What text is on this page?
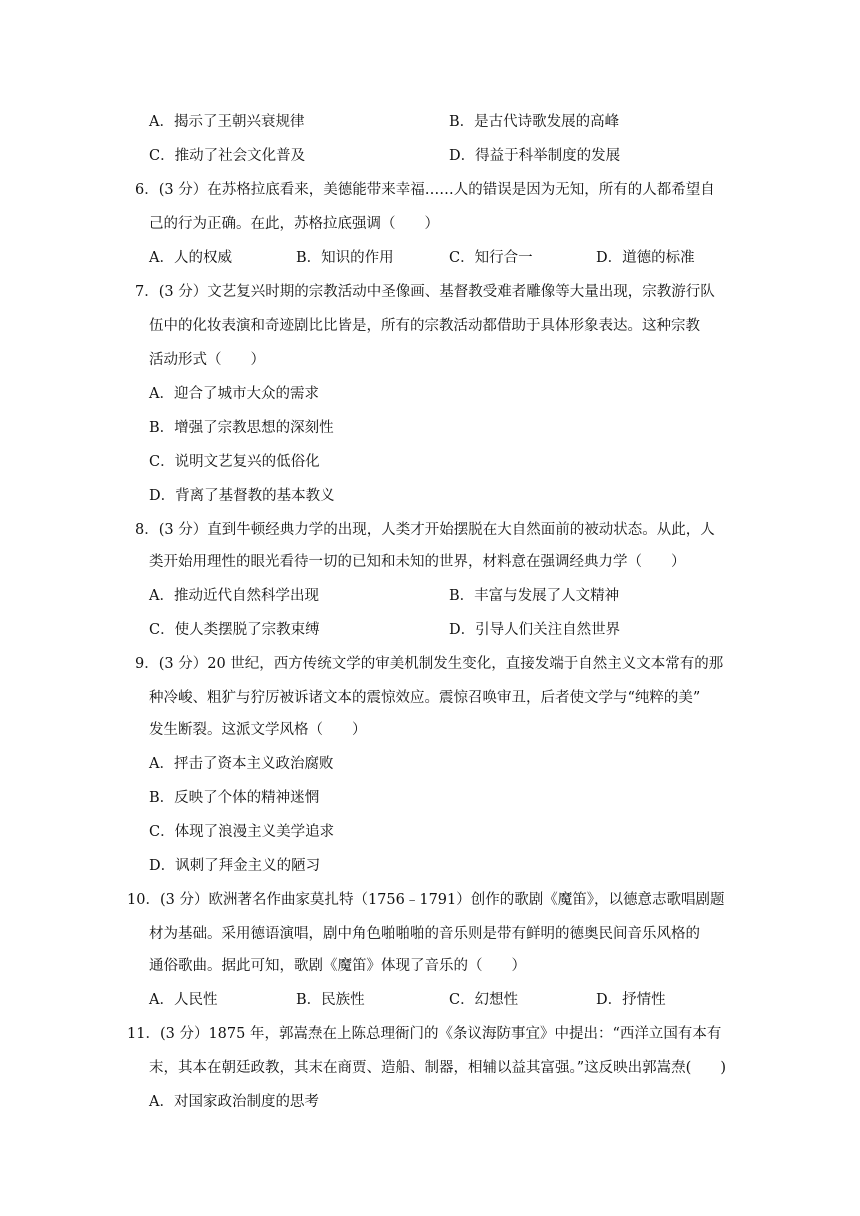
A．揭示了王朝兴衰规律	B．是古代诗歌发展的高峰
C．推动了社会文化普及	D．得益于科举制度的发展
6．(3 分）在苏格拉底看来，美德能带来幸福……人的错误是因为无知，所有的人都希望自
己的行为正确。在此，苏格拉底强调（　　）
A．人的权威	B．知识的作用	C．知行合一	D．道德的标准
7．(3 分）文艺复兴时期的宗教活动中圣像画、基督教受难者雕像等大量出现，宗教游行队
伍中的化妆表演和奇迹剧比比皆是，所有的宗教活动都借助于具体形象表达。这种宗教
活动形式（　　）
A．迎合了城市大众的需求
B．增强了宗教思想的深刻性
C．说明文艺复兴的低俗化
D．背离了基督教的基本教义
8．(3 分）直到牛顿经典力学的出现，人类才开始摆脱在大自然面前的被动状态。从此，人
类开始用理性的眼光看待一切的已知和未知的世界，材料意在强调经典力学（　　）
A．推动近代自然科学出现	B．丰富与发展了人文精神
C．使人类摆脱了宗教束缚	D．引导人们关注自然世界
9．(3 分）20 世纪，西方传统文学的审美机制发生变化，直接发端于自然主义文本常有的那
种冷峻、粗犷与狞厉被诉诸文本的震惊效应。震惊召唤审丑，后者使文学与“纯粹的美”
发生断裂。这派文学风格（　　）
A．抨击了资本主义政治腐败
B．反映了个体的精神迷惘
C．体现了浪漫主义美学追求
D．讽刺了拜金主义的陋习
10．(3 分）欧洲著名作曲家莫扎特（1756﹣1791）创作的歌剧《魔笛》，以德意志歌唱剧题
材为基础。采用德语演唱，剧中角色啪啪啪的音乐则是带有鲜明的德奥民间音乐风格的
通俗歌曲。据此可知，歌剧《魔笛》体现了音乐的（　　）
A．人民性	B．民族性	C．幻想性	D．抒情性
11．(3 分）1875 年，郭嵩焘在上陈总理衙门的《条议海防事宜》中提出：“西洋立国有本有
末，其本在朝廷政教，其末在商贾、造船、制器，相辅以益其富强。”这反映出郭嵩焘(　　)
A．对国家政治制度的思考
